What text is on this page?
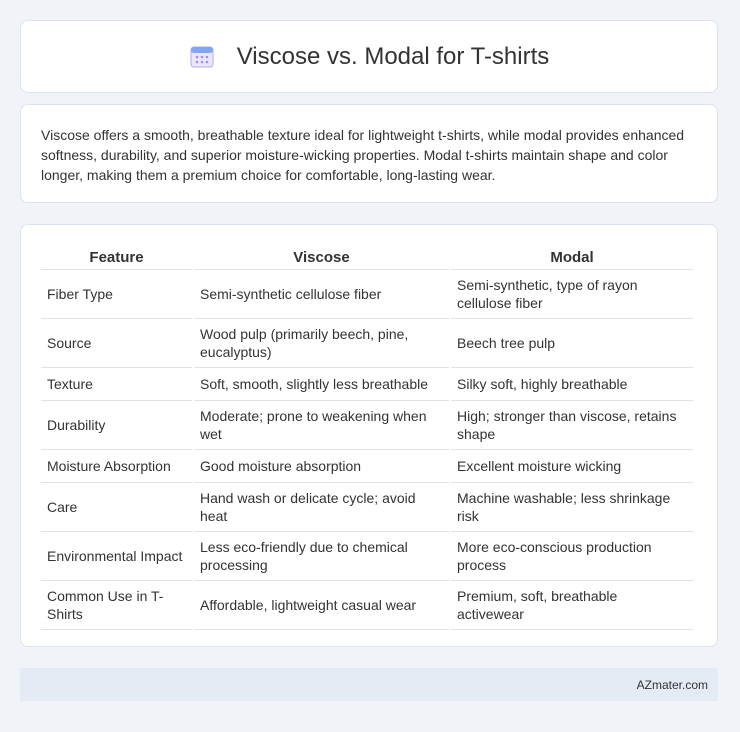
Viscose vs. Modal for T-shirts

Viscose offers a smooth, breathable texture ideal for lightweight t-shirts, while modal provides enhanced softness, durability, and superior moisture-wicking properties. Modal t-shirts maintain shape and color longer, making them a premium choice for comfortable, long-lasting wear.

Feature	Viscose	Modal
Fiber Type	Semi-synthetic cellulose fiber	Semi-synthetic, type of rayon cellulose fiber
Source	Wood pulp (primarily beech, pine, eucalyptus)	Beech tree pulp
Texture	Soft, smooth, slightly less breathable	Silky soft, highly breathable
Durability	Moderate; prone to weakening when wet	High; stronger than viscose, retains shape
Moisture Absorption	Good moisture absorption	Excellent moisture wicking
Care	Hand wash or delicate cycle; avoid heat	Machine washable; less shrinkage risk
Environmental Impact	Less eco-friendly due to chemical processing	More eco-conscious production process
Common Use in T-Shirts	Affordable, lightweight casual wear	Premium, soft, breathable activewear
AZmater.com
